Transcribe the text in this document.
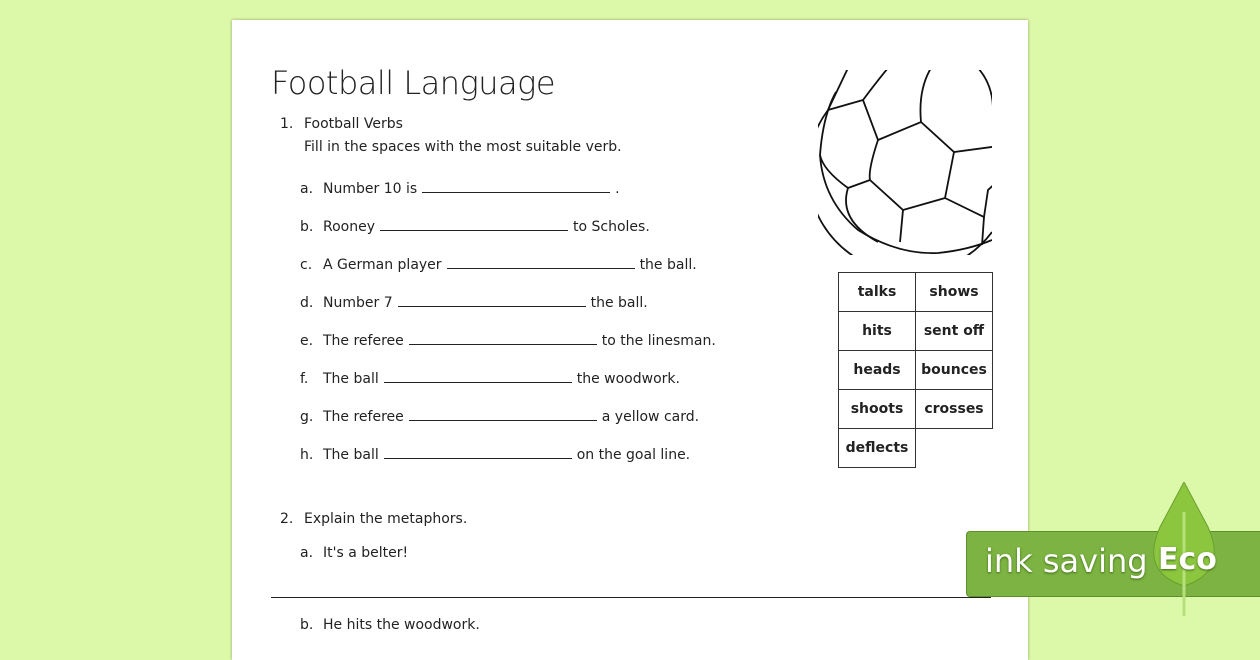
Football Language
1. Football Verbs
Fill in the spaces with the most suitable verb.
a. Number 10 is	.
b. Rooney	to Scholes.
c. A German player	the ball.
d. Number 7	the ball.
e. The referee	to the linesman.
f.	The ball	the woodwork.
g. The referee	a yellow card.
h. The ball	on the goal line.
talks	shows
hits	sent off
heads	bounces
shoots	crosses
deflects	
2. Explain the metaphors.
a. It's a belter!
b. He hits the woodwork.
ink saving Eco
